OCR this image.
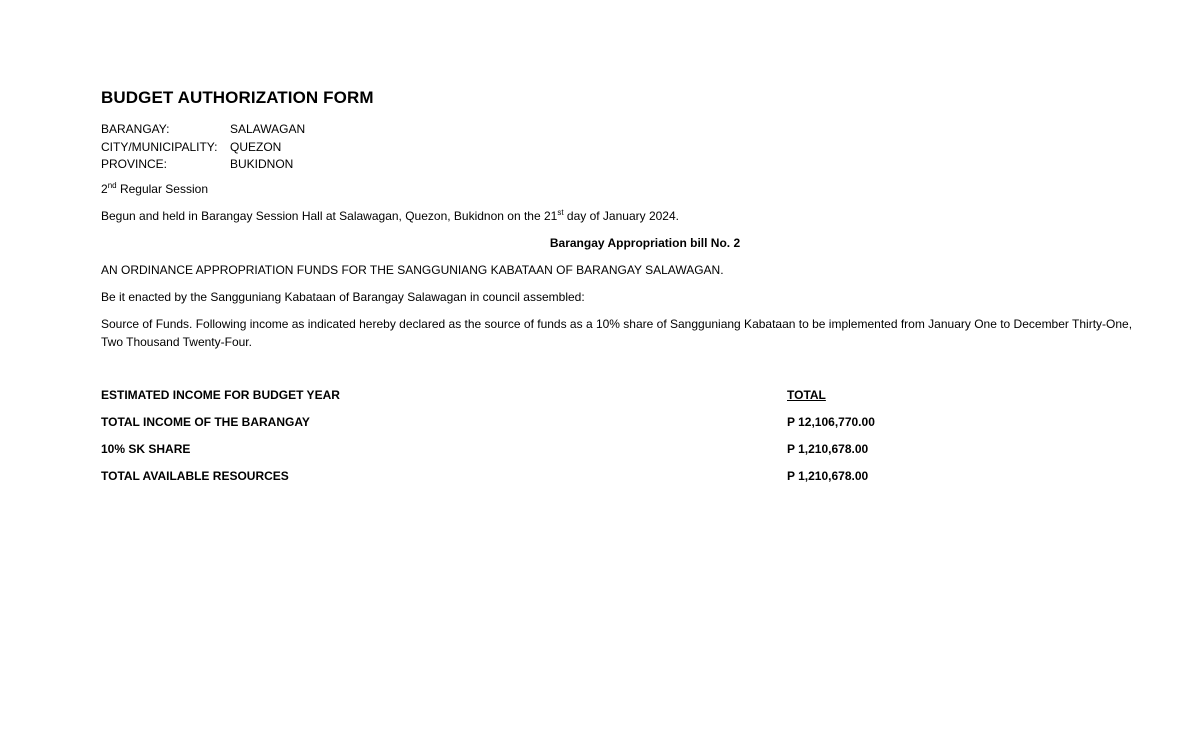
BUDGET AUTHORIZATION FORM
BARANGAY:	SALAWAGAN
CITY/MUNICIPALITY:	QUEZON
PROVINCE:	BUKIDNON
2nd Regular Session
Begun and held in Barangay Session Hall at Salawagan, Quezon, Bukidnon on the 21st day of January 2024.
Barangay Appropriation bill No. 2
AN ORDINANCE APPROPRIATION FUNDS FOR THE SANGGUNIANG KABATAAN OF BARANGAY SALAWAGAN.
Be it enacted by the Sangguniang Kabataan of Barangay Salawagan in council assembled:
Source of Funds. Following income as indicated hereby declared as the source of funds as a 10% share of Sangguniang Kabataan to be implemented from January One to December Thirty-One, Two Thousand Twenty-Four.
ESTIMATED INCOME FOR BUDGET YEAR	TOTAL
TOTAL INCOME OF THE BARANGAY	P 12,106,770.00
10% SK SHARE	P 1,210,678.00
TOTAL AVAILABLE RESOURCES	P 1,210,678.00
